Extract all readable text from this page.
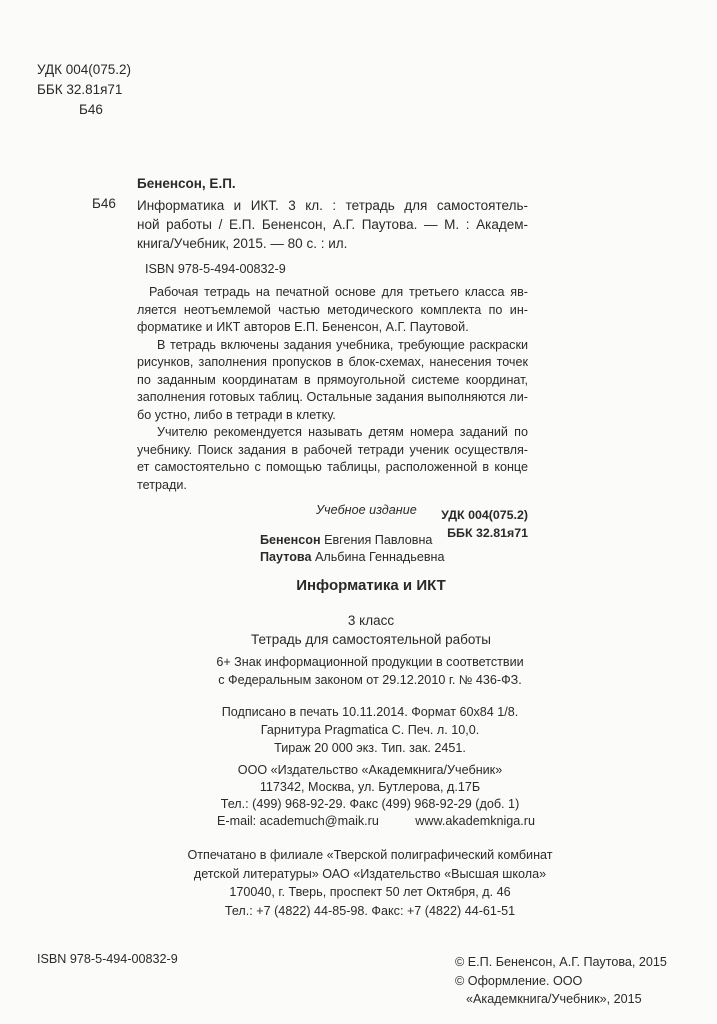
УДК 004(075.2)
ББК 32.81я71
Б46
Б46
Бененсон, Е.П.
Информатика и ИКТ. 3 кл. : тетрадь для самостоятель-
ной работы / Е.П. Бененсон, А.Г. Паутова. — М. : Академ-
книга/Учебник, 2015. — 80 с. : ил.
ISBN 978-5-494-00832-9
Рабочая тетрадь на печатной основе для третьего класса яв-
ляется неотъемлемой частью методического комплекта по ин-
форматике и ИКТ авторов Е.П. Бененсон, А.Г. Паутовой.
В тетрадь включены задания учебника, требующие раскраски
рисунков, заполнения пропусков в блок-схемах, нанесения точек
по заданным координатам в прямоугольной системе координат,
заполнения готовых таблиц. Остальные задания выполняются ли-
бо устно, либо в тетради в клетку.
Учителю рекомендуется называть детям номера заданий по
учебнику. Поиск задания в рабочей тетради ученик осуществля-
ет самостоятельно с помощью таблицы, расположенной в конце
тетради.
УДК 004(075.2)
ББК 32.81я71
Учебное издание
Бененсон Евгения Павловна
Паутова Альбина Геннадьевна
Информатика и ИКТ
3 класс
Тетрадь для самостоятельной работы
6+ Знак информационной продукции в соответствии
с Федеральным законом от 29.12.2010 г. № 436-ФЗ.
Подписано в печать 10.11.2014. Формат 60x84 1/8.
Гарнитура Pragmatica C. Печ. л. 10,0.
Тираж 20 000 экз. Тип. зак. 2451.
ООО «Издательство «Академкнига/Учебник»
117342, Москва, ул. Бутлерова, д.17Б
Тел.: (499) 968-92-29. Факс (499) 968-92-29 (доб. 1)
E-mail: academuch@maik.ru	www.akademkniga.ru
Отпечатано в филиале «Тверской полиграфический комбинат
детской литературы» ОАО «Издательство «Высшая школа»
170040, г. Тверь, проспект 50 лет Октября, д. 46
Тел.: +7 (4822) 44-85-98. Факс: +7 (4822) 44-61-51
ISBN 978-5-494-00832-9	© Е.П. Бененсон, А.Г. Паутова, 2015
© Оформление. ООО
«Академкнига/Учебник», 2015
